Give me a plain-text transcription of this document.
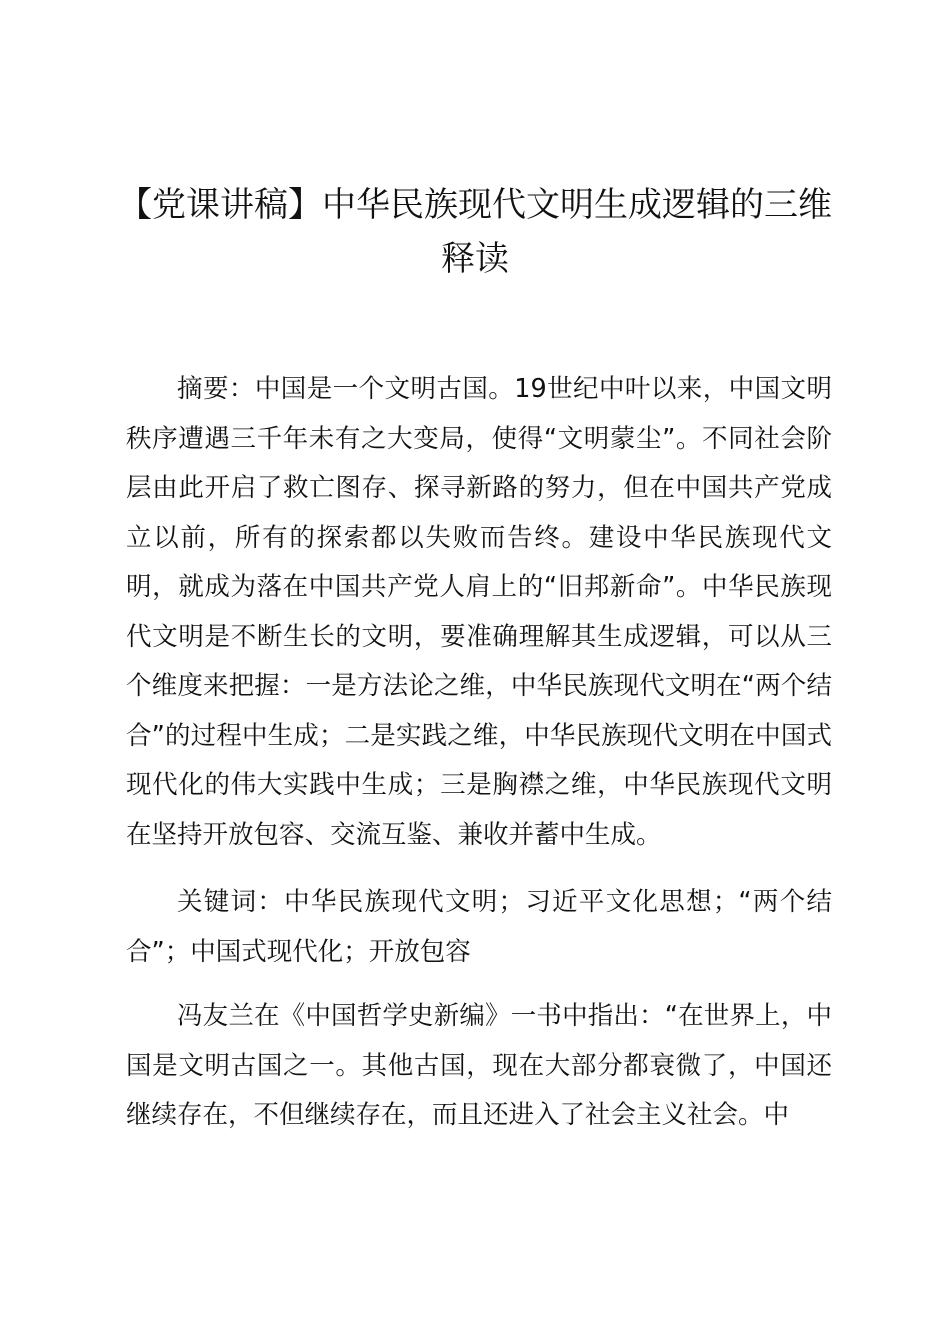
【党课讲稿】中华民族现代文明生成逻辑的三维释读

摘要：中国是一个文明古国。19世纪中叶以来，中国文明秩序遭遇三千年未有之大变局，使得“文明蒙尘”。不同社会阶层由此开启了救亡图存、探寻新路的努力，但在中国共产党成立以前，所有的探索都以失败而告终。建设中华民族现代文明，就成为落在中国共产党人肩上的“旧邦新命”。中华民族现代文明是不断生长的文明，要准确理解其生成逻辑，可以从三个维度来把握：一是方法论之维，中华民族现代文明在“两个结合”的过程中生成；二是实践之维，中华民族现代文明在中国式现代化的伟大实践中生成；三是胸襟之维，中华民族现代文明在坚持开放包容、交流互鉴、兼收并蓄中生成。

关键词：中华民族现代文明；习近平文化思想；“两个结合”；中国式现代化；开放包容

冯友兰在《中国哲学史新编》一书中指出：“在世界上，中国是文明古国之一。其他古国，现在大部分都衰微了，中国还继续存在，不但继续存在，而且还进入了社会主义社会。中
